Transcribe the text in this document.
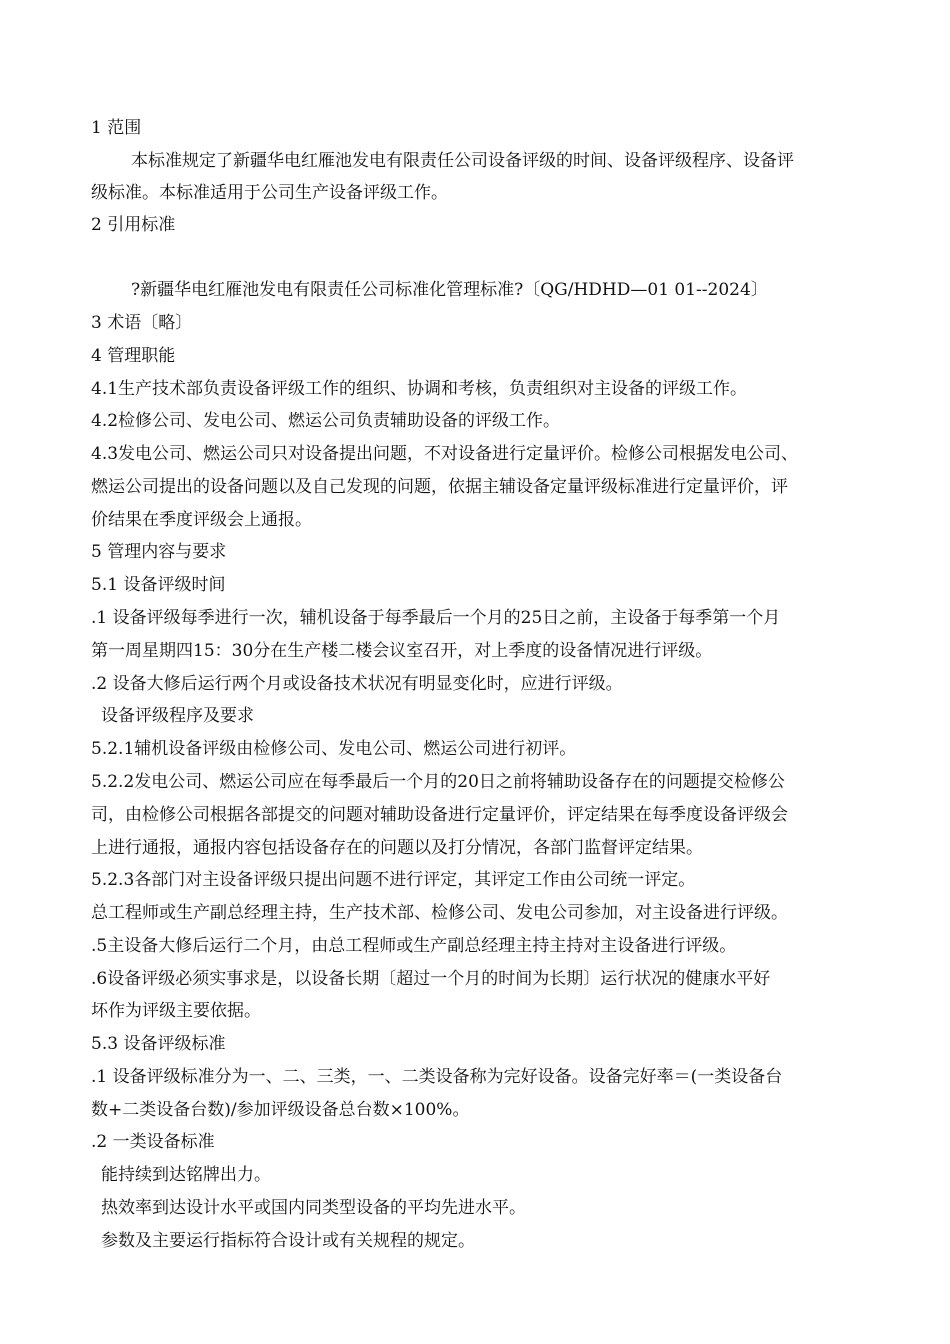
1 范围
本标准规定了新疆华电红雁池发电有限责任公司设备评级的时间、设备评级程序、设备评
级标准。本标准适用于公司生产设备评级工作。
2 引用标准
?新疆华电红雁池发电有限责任公司标准化管理标准?〔QG/HDHD—01 01--2024〕
3 术语〔略〕
4 管理职能
4.1生产技术部负责设备评级工作的组织、协调和考核，负责组织对主设备的评级工作。
4.2检修公司、发电公司、燃运公司负责辅助设备的评级工作。
4.3发电公司、燃运公司只对设备提出问题，不对设备进行定量评价。检修公司根据发电公司、
燃运公司提出的设备问题以及自己发现的问题，依据主辅设备定量评级标准进行定量评价，评
价结果在季度评级会上通报。
5 管理内容与要求
5.1 设备评级时间
.1 设备评级每季进行一次，辅机设备于每季最后一个月的25日之前，主设备于每季第一个月
第一周星期四15：30分在生产楼二楼会议室召开，对上季度的设备情况进行评级。
.2 设备大修后运行两个月或设备技术状况有明显变化时，应进行评级。
设备评级程序及要求
5.2.1辅机设备评级由检修公司、发电公司、燃运公司进行初评。
5.2.2发电公司、燃运公司应在每季最后一个月的20日之前将辅助设备存在的问题提交检修公
司，由检修公司根据各部提交的问题对辅助设备进行定量评价，评定结果在每季度设备评级会
上进行通报，通报内容包括设备存在的问题以及打分情况，各部门监督评定结果。
5.2.3各部门对主设备评级只提出问题不进行评定，其评定工作由公司统一评定。
总工程师或生产副总经理主持，生产技术部、检修公司、发电公司参加，对主设备进行评级。
.5主设备大修后运行二个月，由总工程师或生产副总经理主持主持对主设备进行评级。
.6设备评级必须实事求是，以设备长期〔超过一个月的时间为长期〕运行状况的健康水平好
坏作为评级主要依据。
5.3 设备评级标准
.1 设备评级标准分为一、二、三类，一、二类设备称为完好设备。设备完好率＝(一类设备台
数+二类设备台数)/参加评级设备总台数×100%。
.2 一类设备标准
能持续到达铭牌出力。
热效率到达设计水平或国内同类型设备的平均先进水平。
参数及主要运行指标符合设计或有关规程的规定。
